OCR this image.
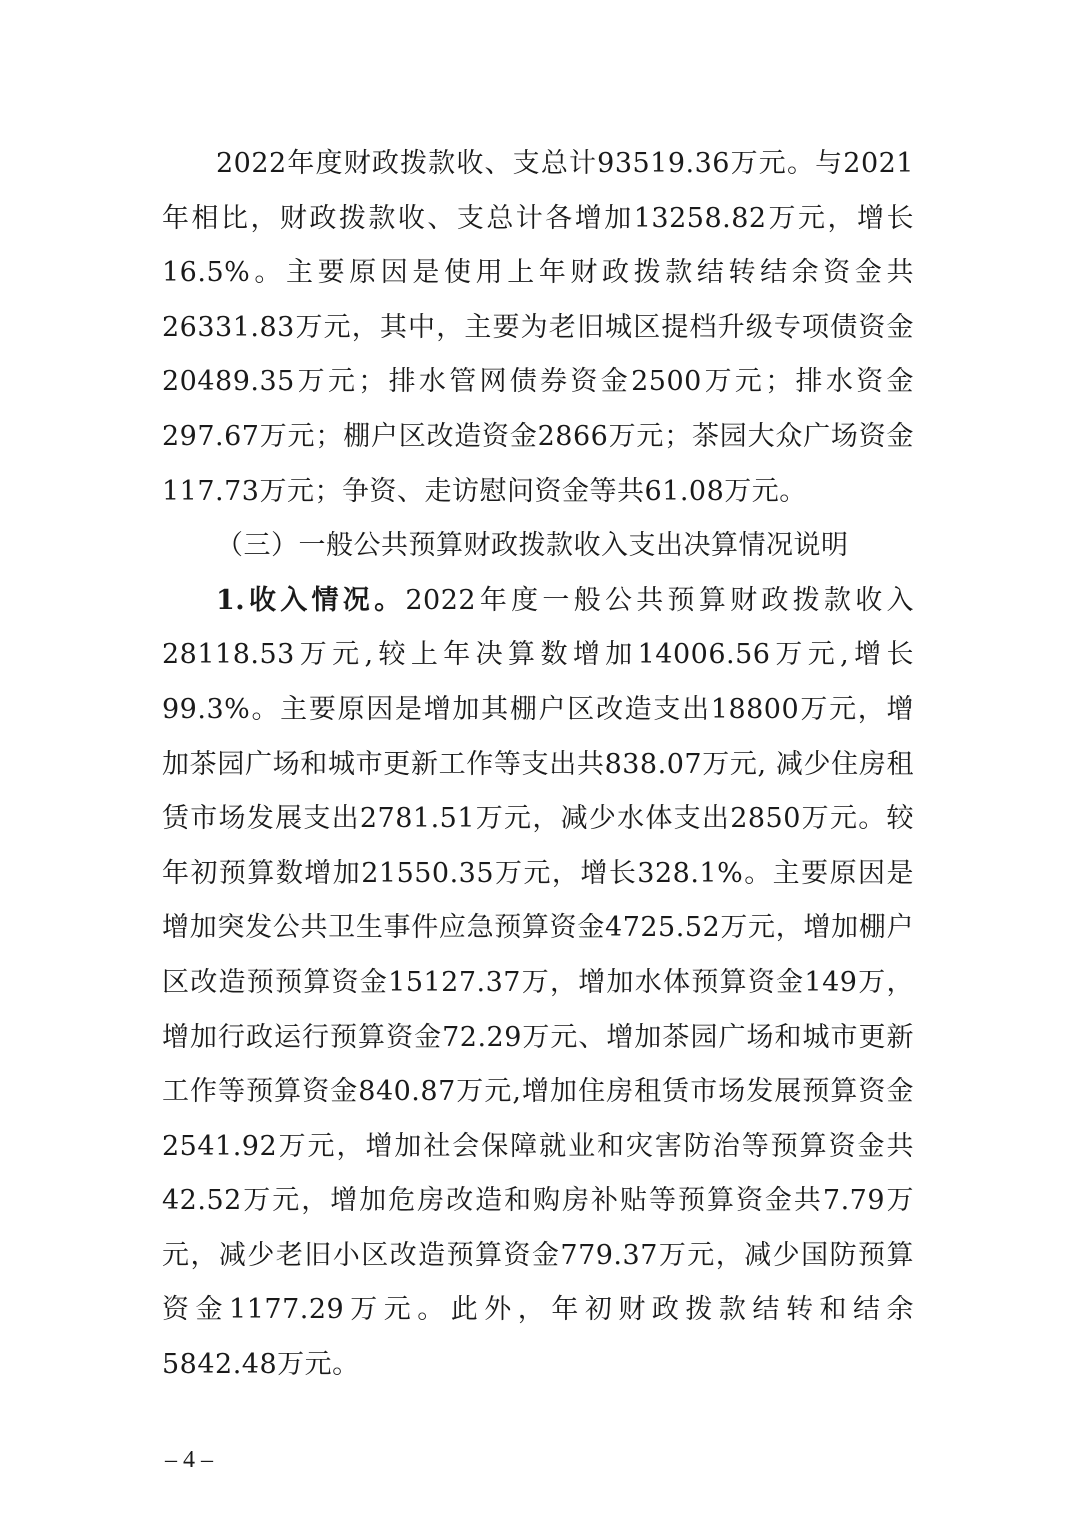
2022年度财政拨款收、支总计93519.36万元。与2021年相比，财政拨款收、支总计各增加13258.82万元，增长16.5%。主要原因是使用上年财政拨款结转结余资金共26331.83万元，其中，主要为老旧城区提档升级专项债资金20489.35万元；排水管网债券资金2500万元；排水资金297.67万元；棚户区改造资金2866万元；茶园大众广场资金117.73万元；争资、走访慰问资金等共61.08万元。

（三）一般公共预算财政拨款收入支出决算情况说明

1.收入情况。2022年度一般公共预算财政拨款收入28118.53万元,较上年决算数增加14006.56万元,增长99.3%。主要原因是增加其棚户区改造支出18800万元，增加茶园广场和城市更新工作等支出共838.07万元, 减少住房租赁市场发展支出2781.51万元，减少水体支出2850万元。较年初预算数增加21550.35万元，增长328.1%。主要原因是增加突发公共卫生事件应急预算资金4725.52万元，增加棚户区改造预预算资金15127.37万，增加水体预算资金149万，增加行政运行预算资金72.29万元、增加茶园广场和城市更新工作等预算资金840.87万元,增加住房租赁市场发展预算资金2541.92万元，增加社会保障就业和灾害防治等预算资金共42.52万元，增加危房改造和购房补贴等预算资金共7.79万元，减少老旧小区改造预算资金779.37万元，减少国防预算资金1177.29万元。此外，年初财政拨款结转和结余5842.48万元。

– 4 –
